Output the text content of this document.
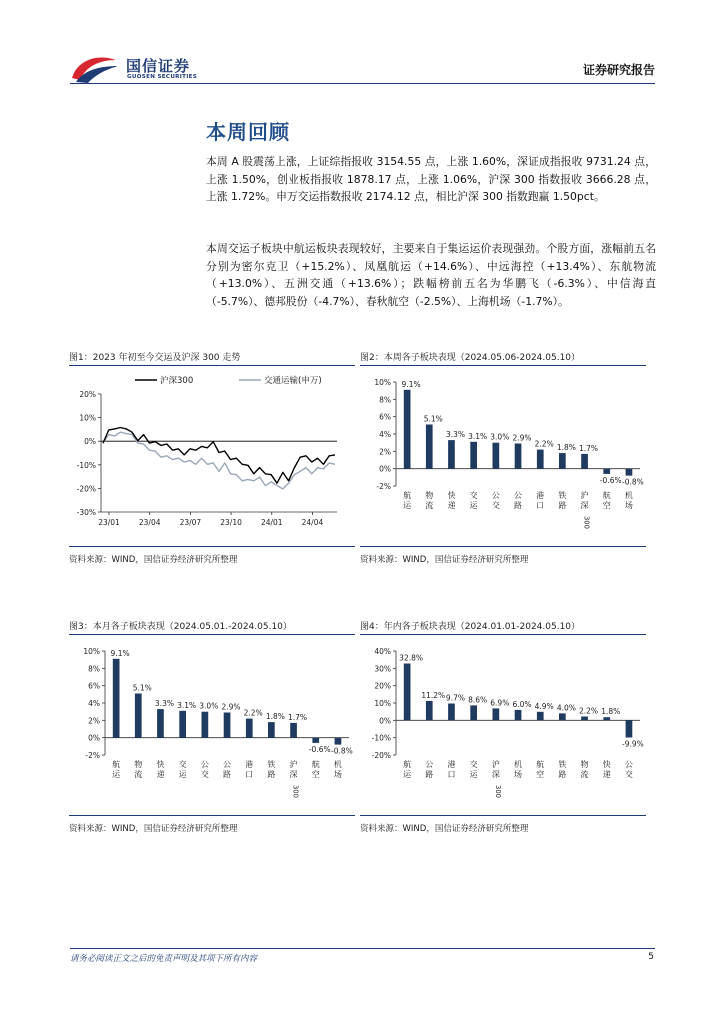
国信证券
GUOSEN SECURITIES	证券研究报告
本周回顾
本周 A 股震荡上涨，上证综指报收 3154.55 点，上涨 1.60%，深证成指报收 9731.24 点，上涨 1.50%，创业板指报收 1878.17 点，上涨 1.06%，沪深 300 指数报收 3666.28 点，上涨 1.72%。申万交运指数报收 2174.12 点，相比沪深 300 指数跑赢 1.50pct。
本周交运子板块中航运板块表现较好，主要来自于集运运价表现强劲。个股方面，涨幅前五名分别为密尔克卫（+15.2%）、凤凰航运（+14.6%）、中远海控（+13.4%）、东航物流（+13.0%）、五洲交通（+13.6%）；跌幅榜前五名为华鹏飞（-6.3%）、中信海直（-5.7%）、德邦股份（-4.7%）、春秋航空（-2.5%）、上海机场（-1.7%）。
图1：2023 年初至今交运及沪深 300 走势
沪深300	交通运输(申万)
20%
10%
0%
-10%
-20%
-30%
23/01	23/04	23/07	23/10	24/01	24/04
资料来源：WIND，国信证券经济研究所整理
图2：本周各子板块表现（2024.05.06-2024.05.10）
10%
8%
6%
4%
2%
0%
-2%
9.1%
航
运
5.1%
物
流
3.3%
快
递
3.1%
交
运
3.0%
公
交
2.9%
公
路
2.2%
港
口
1.8%
铁
路
1.7%
沪
深
300
-0.6%
航
空
-0.8%
机
场
资料来源：WIND，国信证券经济研究所整理
图3：本月各子板块表现（2024.05.01.-2024.05.10）
10%
8%
6%
4%
2%
0%
-2%
9.1%
航
运
5.1%
物
流
3.3%
快
递
3.1%
交
运
3.0%
公
交
2.9%
公
路
2.2%
港
口
1.8%
铁
路
1.7%
沪
深
300
-0.6%
航
空
-0.8%
机
场
资料来源：WIND，国信证券经济研究所整理
图4：年内各子板块表现（2024.01.01-2024.05.10）
40%
30%
20%
10%
0%
-10%
-20%
32.8%
航
运
11.2%
公
路
9.7%
港
口
8.6%
交
运
6.9%
沪
深
300
6.0%
机
场
4.9%
航
空
4.0%
铁
路
2.2%
物
流
1.8%
快
递
-9.9%
公
交
资料来源：WIND，国信证券经济研究所整理
请务必阅读正文之后的免责声明及其项下所有内容	5
